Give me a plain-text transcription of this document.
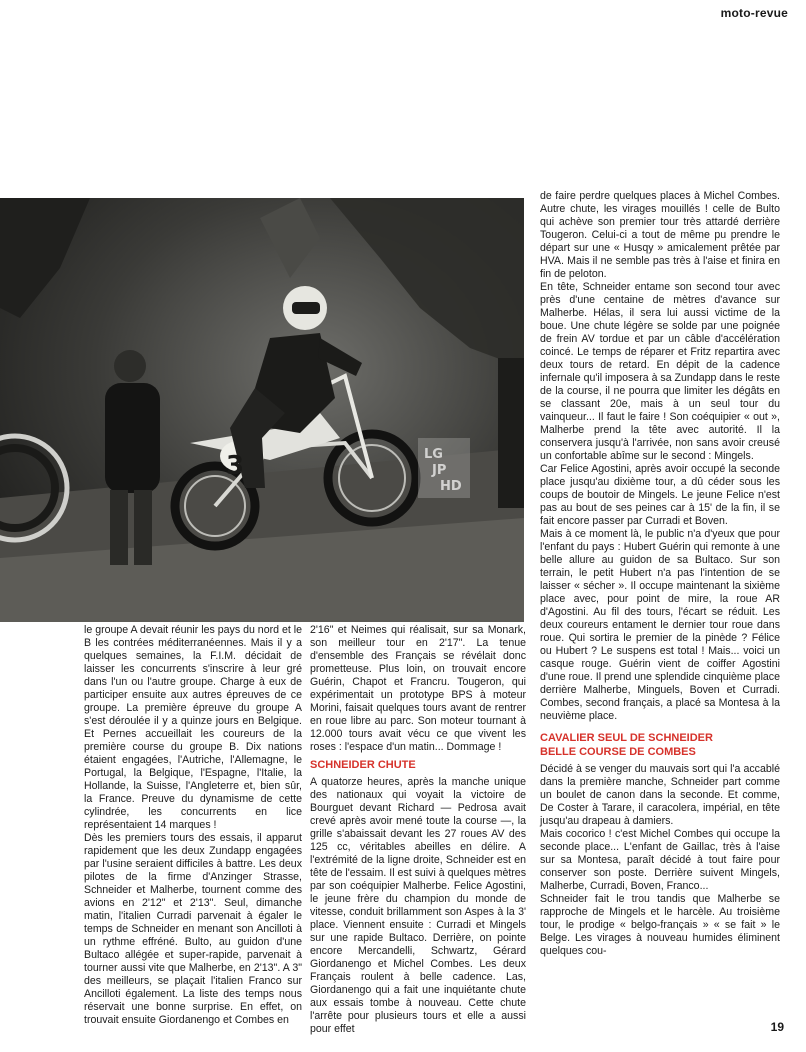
moto-revue
3	LG
JP
HD

le groupe A devait réunir les pays du nord et le B les contrées méditerranéennes. Mais il y a quelques semaines, la F.I.M. décidait de laisser les concurrents s'inscrire à leur gré dans l'un ou l'autre groupe. Charge à eux de participer ensuite aux autres épreuves de ce groupe. La première épreuve du groupe A s'est déroulée il y a quinze jours en Belgique. Et Pernes accueillait les coureurs de la première course du groupe B. Dix nations étaient engagées, l'Autriche, l'Allemagne, le Portugal, la Belgique, l'Espagne, l'Italie, la Hollande, la Suisse, l'Angleterre et, bien sûr, la France. Preuve du dynamisme de cette cylindrée, les concurrents en lice représentaient 14 marques !

Dès les premiers tours des essais, il apparut rapidement que les deux Zundapp engagées par l'usine seraient difficiles à battre. Les deux pilotes de la firme d'Anzinger Strasse, Schneider et Malherbe, tournent comme des avions en 2'12" et 2'13". Seul, dimanche matin, l'italien Curradi parvenait à égaler le temps de Schneider en menant son Ancilloti à un rythme effréné. Bulto, au guidon d'une Bultaco allégée et super-rapide, parvenait à tourner aussi vite que Malherbe, en 2'13". A 3" des meilleurs, se plaçait l'italien Franco sur Ancilloti également. La liste des temps nous réservait une bonne surprise. En effet, on trouvait ensuite Giordanengo et Combes en

2'16" et Neimes qui réalisait, sur sa Monark, son meilleur tour en 2'17". La tenue d'ensemble des Français se révélait donc prometteuse. Plus loin, on trouvait encore Guérin, Chapot et Francru. Tougeron, qui expérimentait un prototype BPS à moteur Morini, faisait quelques tours avant de rentrer en roue libre au parc. Son moteur tournant à 12.000 tours avait vécu ce que vivent les roses : l'espace d'un matin... Dommage !

SCHNEIDER CHUTE

A quatorze heures, après la manche unique des nationaux qui voyait la victoire de Bourguet devant Richard — Pedrosa avait crevé après avoir mené toute la course —, la grille s'abaissait devant les 27 roues AV des 125 cc, véritables abeilles en délire. A l'extrémité de la ligne droite, Schneider est en tête de l'essaim. Il est suivi à quelques mètres par son coéquipier Malherbe. Felice Agostini, le jeune frère du champion du monde de vitesse, conduit brillamment son Aspes à la 3' place. Viennent ensuite : Curradi et Mingels sur une rapide Bultaco. Derrière, on pointe encore Mercandelli, Schwartz, Gérard Giordanengo et Michel Combes. Les deux Français roulent à belle cadence. Las, Giordanengo qui a fait une inquiétante chute aux essais tombe à nouveau. Cette chute l'arrête pour plusieurs tours et elle a aussi pour effet

de faire perdre quelques places à Michel Combes. Autre chute, les virages mouillés ! celle de Bulto qui achève son premier tour très attardé derrière Tougeron. Celui-ci a tout de même pu prendre le départ sur une « Husqy » amicalement prêtée par HVA. Mais il ne semble pas très à l'aise et finira en fin de peloton.

En tête, Schneider entame son second tour avec près d'une centaine de mètres d'avance sur Malherbe. Hélas, il sera lui aussi victime de la boue. Une chute légère se solde par une poignée de frein AV tordue et par un câble d'accélération coincé. Le temps de réparer et Fritz repartira avec deux tours de retard. En dépit de la cadence infernale qu'il imposera à sa Zundapp dans le reste de la course, il ne pourra que limiter les dégâts en se classant 20e, mais à un seul tour du vainqueur... Il faut le faire ! Son coéquipier « out », Malherbe prend la tête avec autorité. Il la conservera jusqu'à l'arrivée, non sans avoir creusé un confortable abîme sur le second : Mingels.

Car Felice Agostini, après avoir occupé la seconde place jusqu'au dixième tour, a dû céder sous les coups de boutoir de Mingels. Le jeune Felice n'est pas au bout de ses peines car à 15' de la fin, il se fait encore passer par Curradi et Boven.

Mais à ce moment là, le public n'a d'yeux que pour l'enfant du pays : Hubert Guérin qui remonte à une belle allure au guidon de sa Bultaco. Sur son terrain, le petit Hubert n'a pas l'intention de se laisser « sécher ». Il occupe maintenant la sixième place avec, pour point de mire, la roue AR d'Agostini. Au fil des tours, l'écart se réduit. Les deux coureurs entament le dernier tour roue dans roue. Qui sortira le premier de la pinède ? Félice ou Hubert ? Le suspens est total ! Mais... voici un casque rouge. Guérin vient de coiffer Agostini d'une roue. Il prend une splendide cinquième place derrière Malherbe, Minguels, Boven et Curradi. Combes, second français, a placé sa Montesa à la neuvième place.

CAVALIER SEUL DE SCHNEIDER
BELLE COURSE DE COMBES

Décidé à se venger du mauvais sort qui l'a accablé dans la première manche, Schneider part comme un boulet de canon dans la seconde. Et comme, De Coster à Tarare, il caracolera, impérial, en tête jusqu'au drapeau à damiers.

Mais cocorico ! c'est Michel Combes qui occupe la seconde place... L'enfant de Gaillac, très à l'aise sur sa Montesa, paraît décidé à tout faire pour conserver son poste. Derrière suivent Mingels, Malherbe, Curradi, Boven, Franco...

Schneider fait le trou tandis que Malherbe se rapproche de Mingels et le harcèle. Au troisième tour, le prodige « belgo-français » « se fait » le Belge. Les virages à nouveau humides éliminent quelques cou-

19
